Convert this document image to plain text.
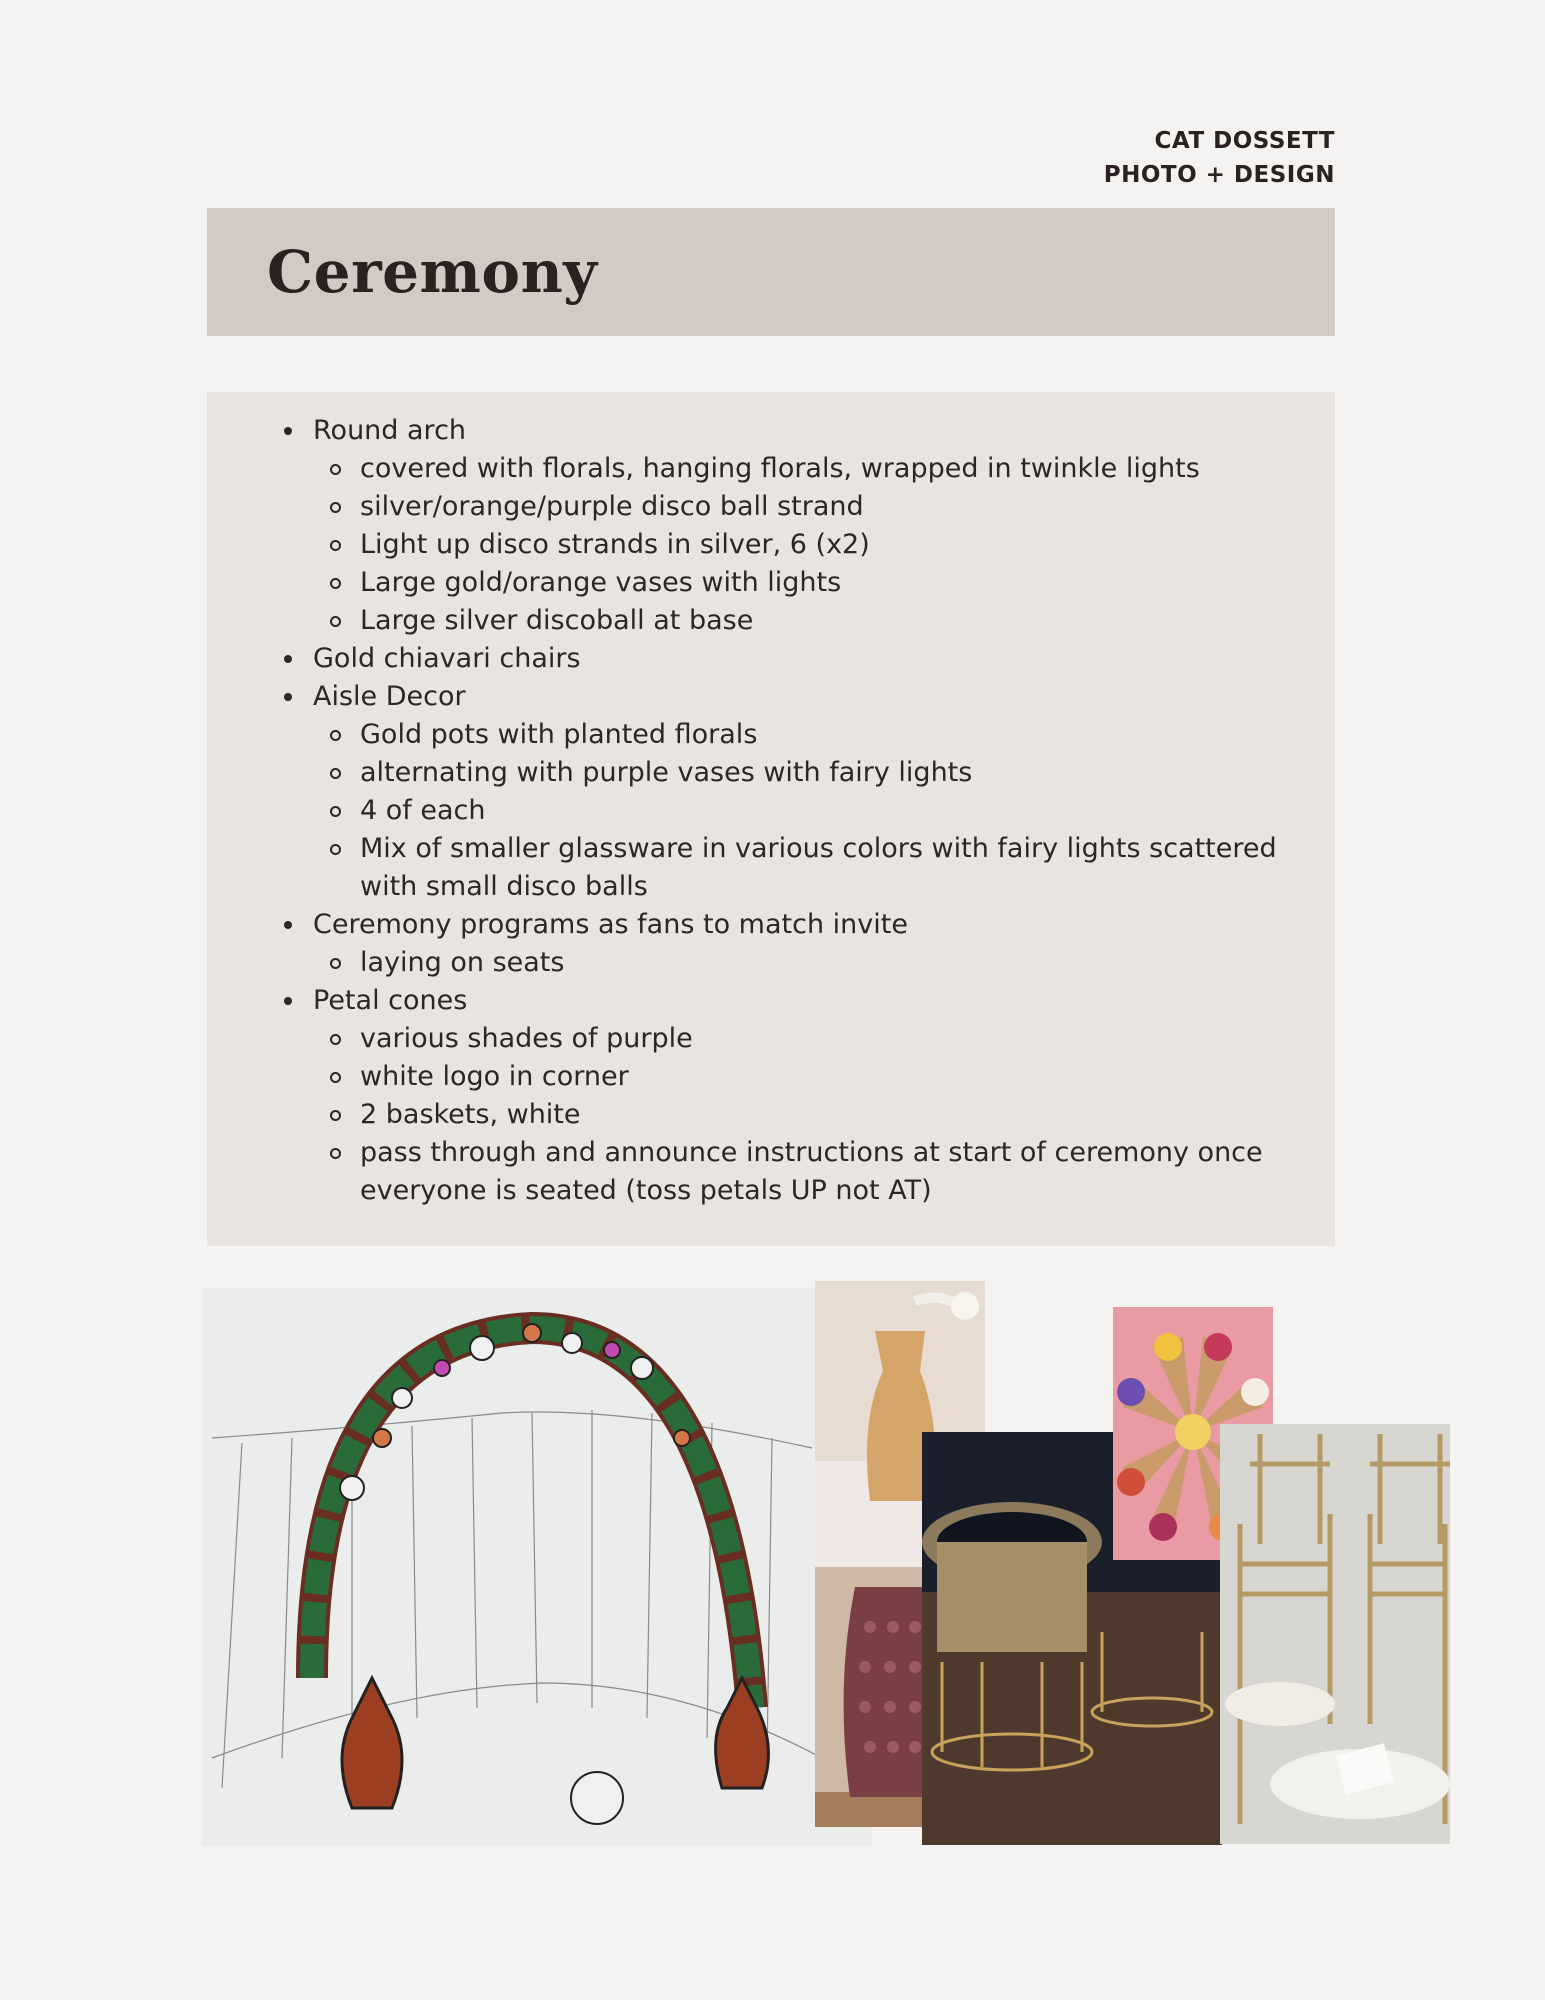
CAT DOSSETT
PHOTO + DESIGN
Ceremony
Round arch
covered with florals, hanging florals, wrapped in twinkle lights
silver/orange/purple disco ball strand
Light up disco strands in silver, 6 (x2)
Large gold/orange vases with lights
Large silver discoball at base
Gold chiavari chairs
Aisle Decor
Gold pots with planted florals
alternating with purple vases with fairy lights
4 of each
Mix of smaller glassware in various colors with fairy lights scattered with small disco balls
Ceremony programs as fans to match invite
laying on seats
Petal cones
various shades of purple
white logo in corner
2 baskets, white
pass through and announce instructions at start of ceremony once everyone is seated (toss petals UP not AT)
